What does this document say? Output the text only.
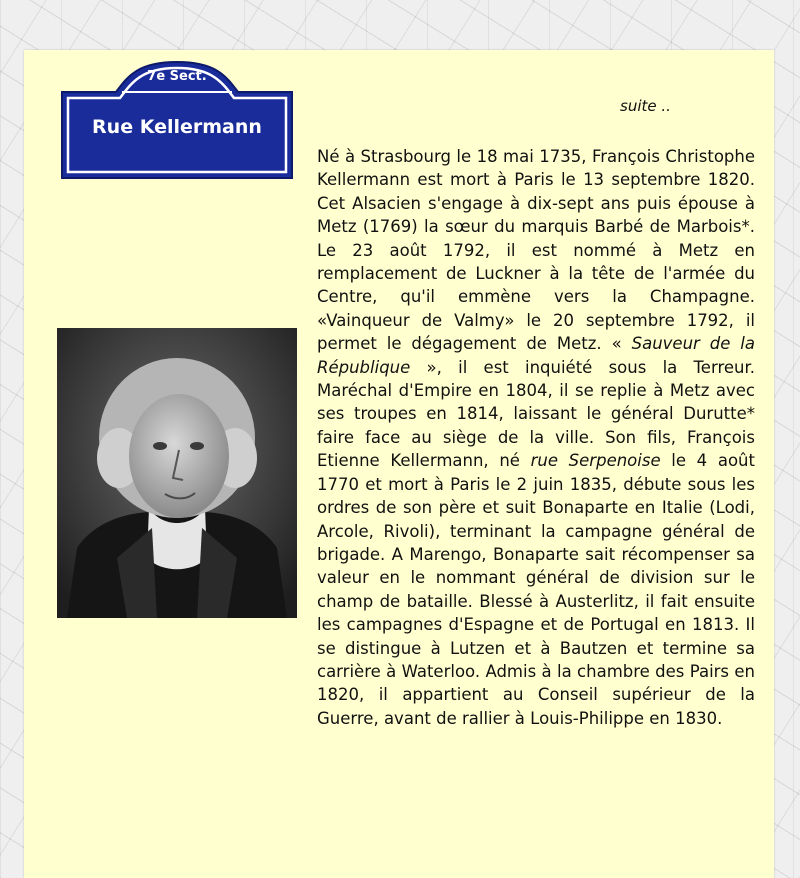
7e Sect.
Rue Kellermann
suite ..
Né à Strasbourg le 18 mai 1735, François Christophe Kellermann est mort à Paris le 13 septembre 1820. Cet Alsacien s'engage à dix-sept ans puis épouse à Metz (1769) la sœur du marquis Barbé de Marbois*. Le 23 août 1792, il est nommé à Metz en remplacement de Luckner à la tête de l'armée du Centre, qu'il emmène vers la Champagne. «Vainqueur de Valmy» le 20 septembre 1792, il permet le dégagement de Metz. « Sauveur de la République », il est inquiété sous la Terreur. Maréchal d'Empire en 1804, il se replie à Metz avec ses troupes en 1814, laissant le général Durutte* faire face au siège de la ville. Son fils, François Etienne Kellermann, né rue Serpenoise le 4 août 1770 et mort à Paris le 2 juin 1835, débute sous les ordres de son père et suit Bonaparte en Italie (Lodi, Arcole, Rivoli), terminant la campagne général de brigade. A Marengo, Bonaparte sait récompenser sa valeur en le nommant général de division sur le champ de bataille. Blessé à Austerlitz, il fait ensuite les campagnes d'Espagne et de Portugal en 1813. Il se distingue à Lutzen et à Bautzen et termine sa carrière à Waterloo. Admis à la chambre des Pairs en 1820, il appartient au Conseil supérieur de la Guerre, avant de rallier à Louis-Philippe en 1830.
